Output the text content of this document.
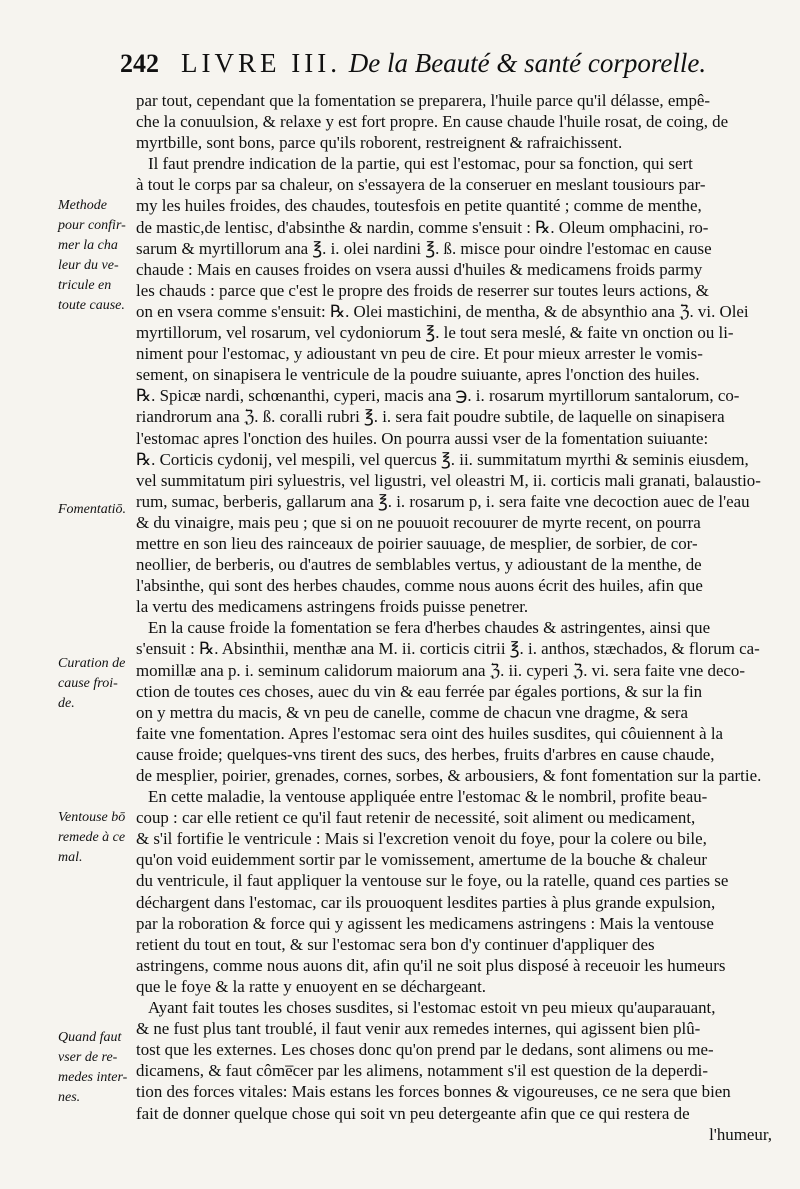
242 LIVRE III. De la Beauté & santé corporelle.
par tout, cependant que la fomentation se preparera, l'huile parce qu'il délasse, empê-
che la conuulsion, & relaxe y est fort propre. En cause chaude l'huile rosat, de coing, de
myrtbille, sont bons, parce qu'ils roborent, restreignent & rafraichissent.
Il faut prendre indication de la partie, qui est l'estomac, pour sa fonction, qui sert
à tout le corps par sa chaleur, on s'essayera de la conseruer en meslant tousiours par-
my les huiles froides, des chaudes, toutesfois en petite quantité ; comme de menthe,
de mastic,de lentisc, d'absinthe & nardin, comme s'ensuit : ℞. Oleum omphacini, ro-
sarum & myrtillorum ana ℥. i. olei nardini ℥. ß. misce pour oindre l'estomac en cause
chaude : Mais en causes froides on vsera aussi d'huiles & medicamens froids parmy
les chauds : parce que c'est le propre des froids de reserrer sur toutes leurs actions, &
on en vsera comme s'ensuit: ℞. Olei mastichini, de mentha, & de absynthio ana ℨ. vi. Olei
myrtillorum, vel rosarum, vel cydoniorum ℥. le tout sera meslé, & faite vn onction ou li-
niment pour l'estomac, y adioustant vn peu de cire. Et pour mieux arrester le vomis-
sement, on sinapisera le ventricule de la poudre suiuante, apres l'onction des huiles.
℞. Spicæ nardi, schœnanthi, cyperi, macis ana ℈. i. rosarum myrtillorum santalorum, co-
riandrorum ana ℨ. ß. coralli rubri ℥. i. sera fait poudre subtile, de laquelle on sinapisera
l'estomac apres l'onction des huiles. On pourra aussi vser de la fomentation suiuante:
℞. Corticis cydonij, vel mespili, vel quercus ℥. ii. summitatum myrthi & seminis eiusdem,
vel summitatum piri syluestris, vel ligustri, vel oleastri M, ii. corticis mali granati, balaustio-
rum, sumac, berberis, gallarum ana ℥. i. rosarum p, i. sera faite vne decoction auec de l'eau
& du vinaigre, mais peu ; que si on ne pouuoit recouurer de myrte recent, on pourra
mettre en son lieu des rainceaux de poirier sauuage, de mesplier, de sorbier, de cor-
neollier, de berberis, ou d'autres de semblables vertus, y adioustant de la menthe, de
l'absinthe, qui sont des herbes chaudes, comme nous auons écrit des huiles, afin que
la vertu des medicamens astringens froids puisse penetrer.
En la cause froide la fomentation se fera d'herbes chaudes & astringentes, ainsi que
s'ensuit : ℞. Absinthii, menthæ ana M. ii. corticis citrii ℥. i. anthos, stæchados, & florum ca-
momillæ ana p. i. seminum calidorum maiorum ana ℨ. ii. cyperi ℨ. vi. sera faite vne deco-
ction de toutes ces choses, auec du vin & eau ferrée par égales portions, & sur la fin
on y mettra du macis, & vn peu de canelle, comme de chacun vne dragme, & sera
faite vne fomentation. Apres l'estomac sera oint des huiles susdites, qui côuiennent à la
cause froide; quelques-vns tirent des sucs, des herbes, fruits d'arbres en cause chaude,
de mesplier, poirier, grenades, cornes, sorbes, & arbousiers, & font fomentation sur la partie.
En cette maladie, la ventouse appliquée entre l'estomac & le nombril, profite beau-
coup : car elle retient ce qu'il faut retenir de necessité, soit aliment ou medicament,
& s'il fortifie le ventricule : Mais si l'excretion venoit du foye, pour la colere ou bile,
qu'on void euidemment sortir par le vomissement, amertume de la bouche & chaleur
du ventricule, il faut appliquer la ventouse sur le foye, ou la ratelle, quand ces parties se
déchargent dans l'estomac, car ils prouoquent lesdites parties à plus grande expulsion,
par la roboration & force qui y agissent les medicamens astringens : Mais la ventouse
retient du tout en tout, & sur l'estomac sera bon d'y continuer d'appliquer des
astringens, comme nous auons dit, afin qu'il ne soit plus disposé à receuoir les humeurs
que le foye & la ratte y enuoyent en se déchargeant.
Ayant fait toutes les choses susdites, si l'estomac estoit vn peu mieux qu'auparauant,
& ne fust plus tant troublé, il faut venir aux remedes internes, qui agissent bien plû-
tost que les externes. Les choses donc qu'on prend par le dedans, sont alimens ou me-
dicamens, & faut côme̅cer par les alimens, notamment s'il est question de la deperdi-
tion des forces vitales: Mais estans les forces bonnes & vigoureuses, ce ne sera que bien
fait de donner quelque chose qui soit vn peu detergeante afin que ce qui restera de
l'humeur,
Methode
pour confir-
mer la cha
leur du ve-
tricule en
toute cause.
Fomentatiō.
Curation de
cause froi-
de.
Ventouse bō
remede à ce
mal.
Quand faut
vser de re-
medes inter-
nes.
